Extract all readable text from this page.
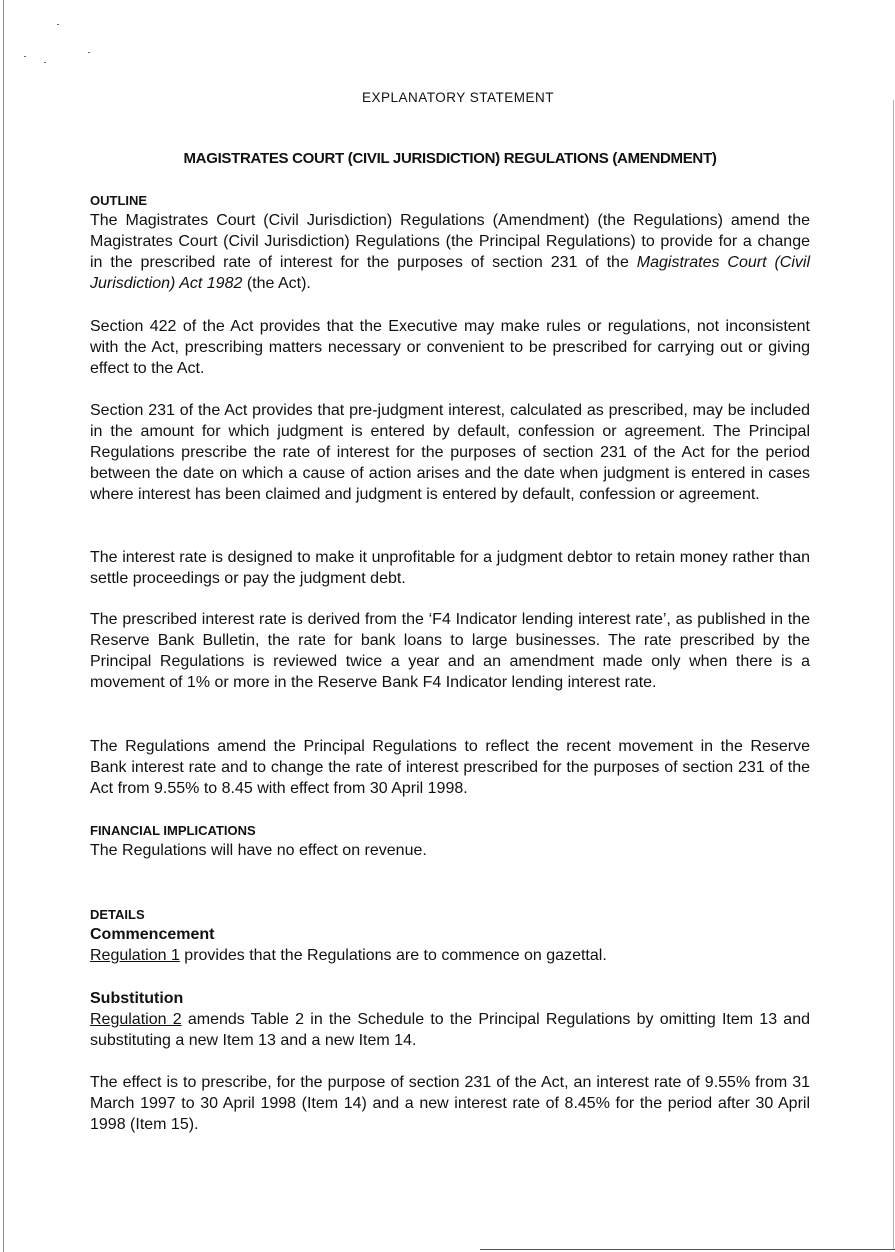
EXPLANATORY STATEMENT
MAGISTRATES COURT (CIVIL JURISDICTION) REGULATIONS (AMENDMENT)
OUTLINE
The Magistrates Court (Civil Jurisdiction) Regulations (Amendment) (the Regulations) amend the Magistrates Court (Civil Jurisdiction) Regulations (the Principal Regulations) to provide for a change in the prescribed rate of interest for the purposes of section 231 of the Magistrates Court (Civil Jurisdiction) Act 1982 (the Act).
Section 422 of the Act provides that the Executive may make rules or regulations, not inconsistent with the Act, prescribing matters necessary or convenient to be prescribed for carrying out or giving effect to the Act.
Section 231 of the Act provides that pre-judgment interest, calculated as prescribed, may be included in the amount for which judgment is entered by default, confession or agreement. The Principal Regulations prescribe the rate of interest for the purposes of section 231 of the Act for the period between the date on which a cause of action arises and the date when judgment is entered in cases where interest has been claimed and judgment is entered by default, confession or agreement.
The interest rate is designed to make it unprofitable for a judgment debtor to retain money rather than settle proceedings or pay the judgment debt.
The prescribed interest rate is derived from the ‘F4 Indicator lending interest rate’, as published in the Reserve Bank Bulletin, the rate for bank loans to large businesses. The rate prescribed by the Principal Regulations is reviewed twice a year and an amendment made only when there is a movement of 1% or more in the Reserve Bank F4 Indicator lending interest rate.
The Regulations amend the Principal Regulations to reflect the recent movement in the Reserve Bank interest rate and to change the rate of interest prescribed for the purposes of section 231 of the Act from 9.55% to 8.45 with effect from 30 April 1998.
FINANCIAL IMPLICATIONS
The Regulations will have no effect on revenue.
DETAILS
Commencement
Regulation 1 provides that the Regulations are to commence on gazettal.
Substitution
Regulation 2 amends Table 2 in the Schedule to the Principal Regulations by omitting Item 13 and substituting a new Item 13 and a new Item 14.
The effect is to prescribe, for the purpose of section 231 of the Act, an interest rate of 9.55% from 31 March 1997 to 30 April 1998 (Item 14) and a new interest rate of 8.45% for the period after 30 April 1998 (Item 15).
